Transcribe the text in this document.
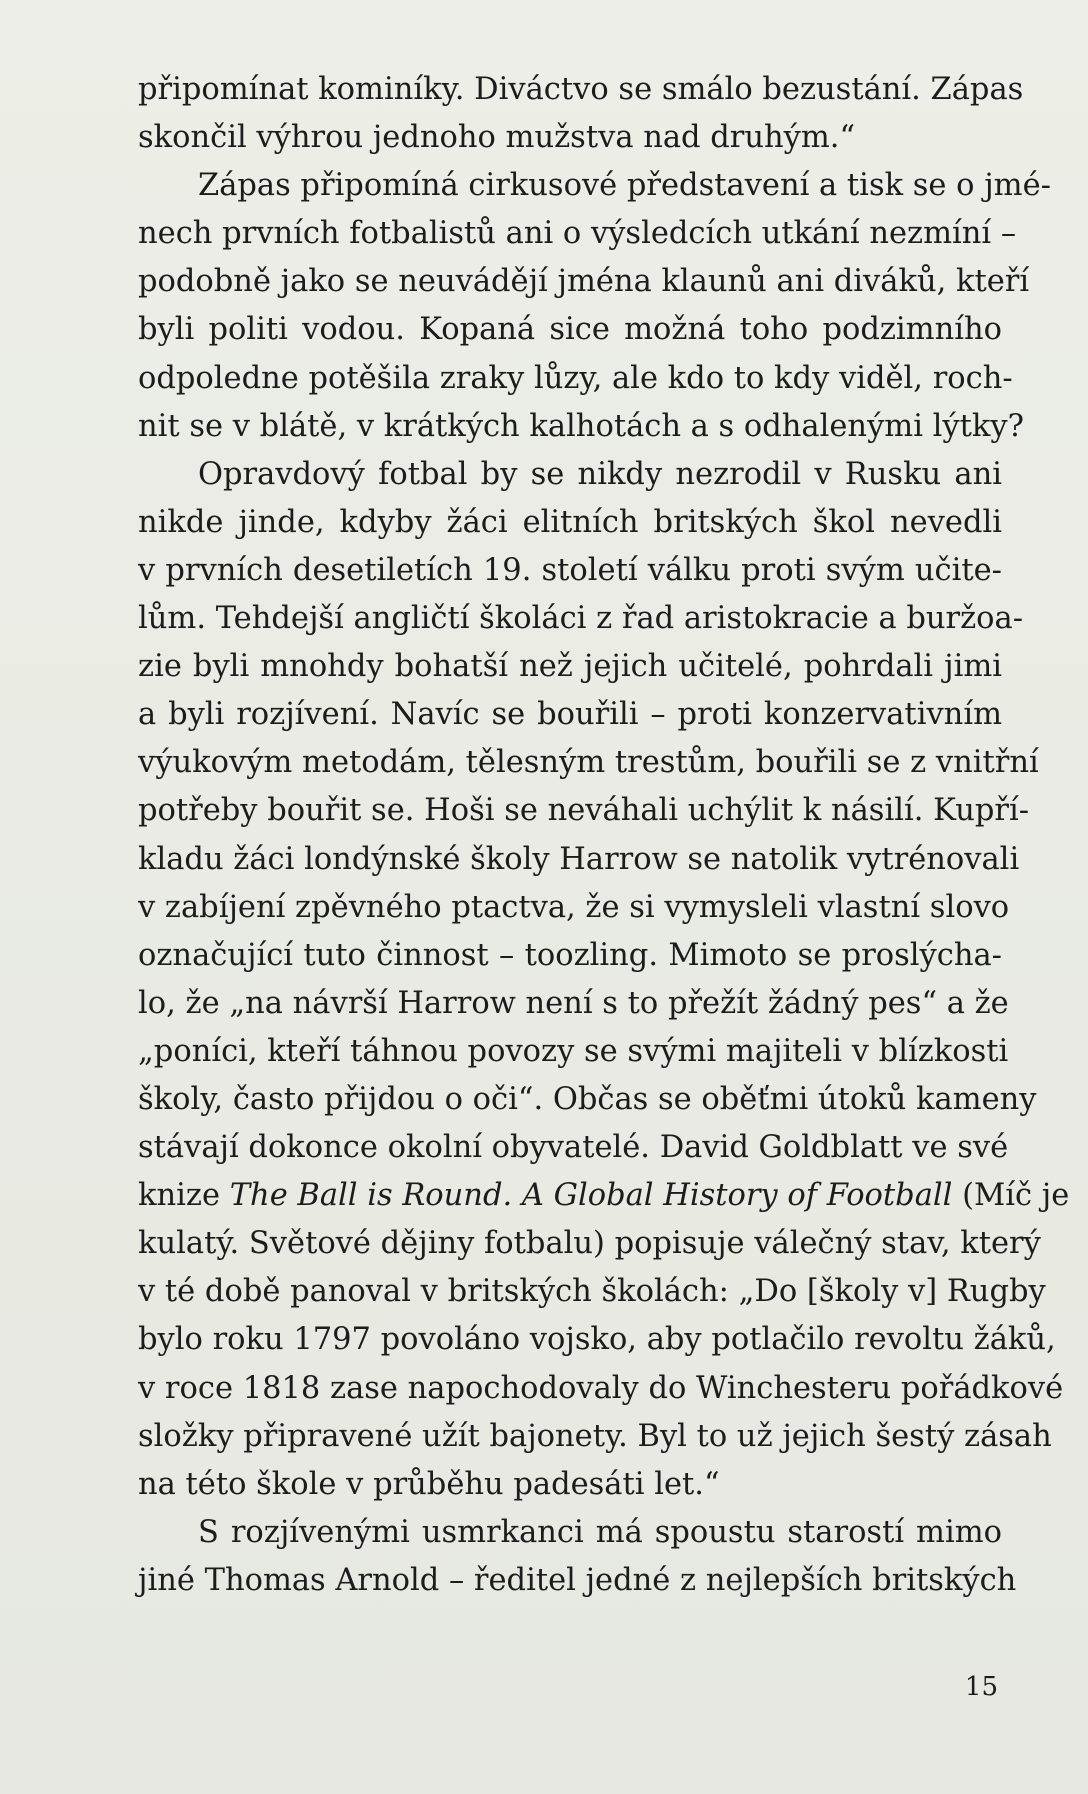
připomínat kominíky. Diváctvo se smálo bezustání. Zápas
skončil výhrou jednoho mužstva nad druhým.“
Zápas připomíná cirkusové představení a tisk se o jmé-
nech prvních fotbalistů ani o výsledcích utkání nezmíní –
podobně jako se neuvádějí jména klaunů ani diváků, kteří
byli politi vodou. Kopaná sice možná toho podzimního
odpoledne potěšila zraky lůzy, ale kdo to kdy viděl, roch-
nit se v blátě, v krátkých kalhotách a s odhalenými lýtky?
Opravdový fotbal by se nikdy nezrodil v Rusku ani
nikde jinde, kdyby žáci elitních britských škol nevedli
v prvních desetiletích 19. století válku proti svým učite-
lům. Tehdejší angličtí školáci z řad aristokracie a buržoa-
zie byli mnohdy bohatší než jejich učitelé, pohrdali jimi
a byli rozjívení. Navíc se bouřili – proti konzervativním
výukovým metodám, tělesným trestům, bouřili se z vnitřní
potřeby bouřit se. Hoši se neváhali uchýlit k násilí. Kupří-
kladu žáci londýnské školy Harrow se natolik vytrénovali
v zabíjení zpěvného ptactva, že si vymysleli vlastní slovo
označující tuto činnost – toozling. Mimoto se proslýcha-
lo, že „na návrší Harrow není s to přežít žádný pes“ a že
„poníci, kteří táhnou povozy se svými majiteli v blízkosti
školy, často přijdou o oči“. Občas se oběťmi útoků kameny
stávají dokonce okolní obyvatelé. David Goldblatt ve své
knize The Ball is Round. A Global History of Football (Míč je
kulatý. Světové dějiny fotbalu) popisuje válečný stav, který
v té době panoval v britských školách: „Do [školy v] Rugby
bylo roku 1797 povoláno vojsko, aby potlačilo revoltu žáků,
v roce 1818 zase napochodovaly do Winchesteru pořádkové
složky připravené užít bajonety. Byl to už jejich šestý zásah
na této škole v průběhu padesáti let.“
S rozjívenými usmrkanci má spoustu starostí mimo
jiné Thomas Arnold – ředitel jedné z nejlepších britských
15
